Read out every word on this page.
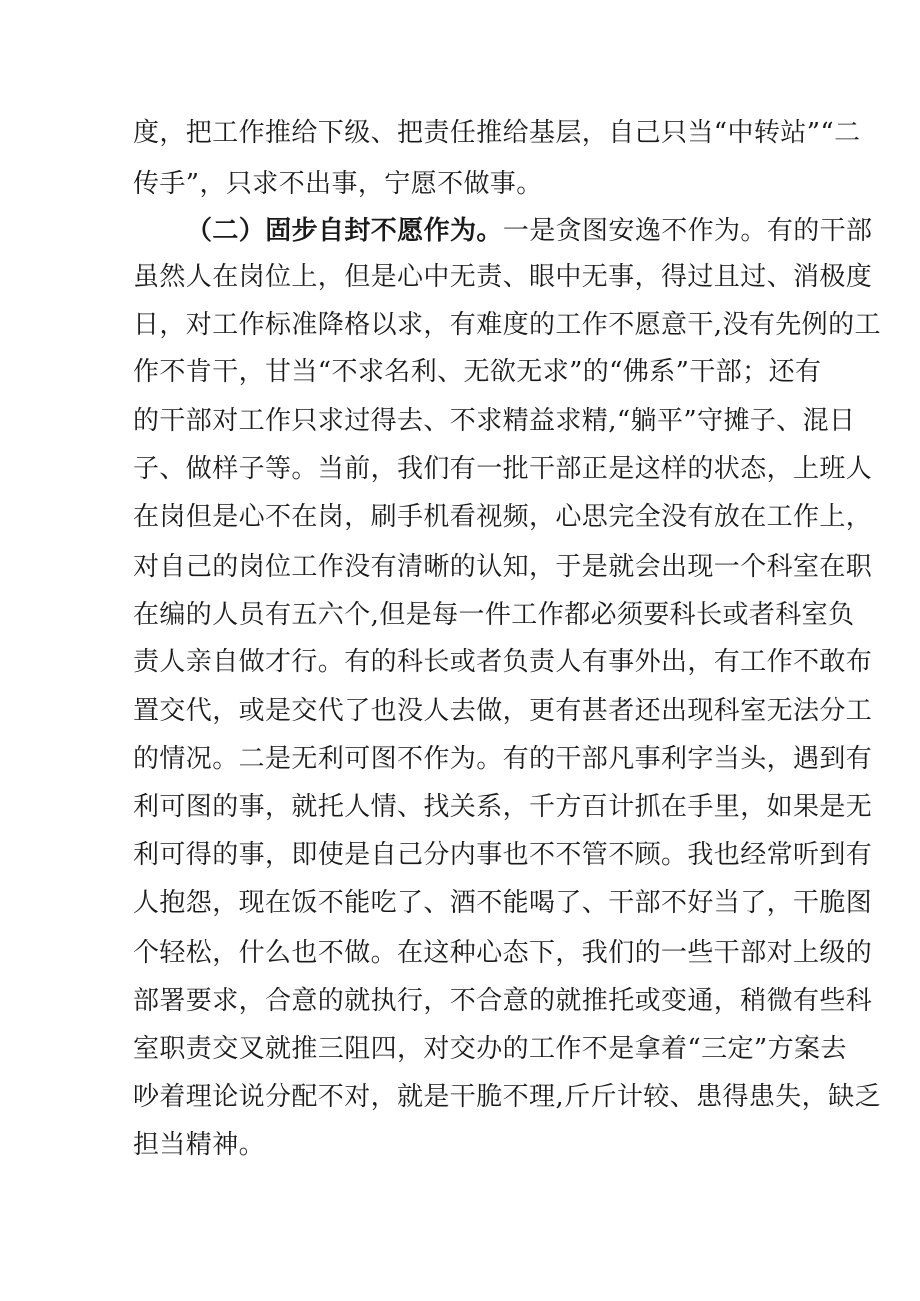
度，把工作推给下级、把责任推给基层，自己只当“中转站”“二
传手”，只求不出事，宁愿不做事。
（二）固步自封不愿作为。一是贪图安逸不作为。有的干部
虽然人在岗位上，但是心中无责、眼中无事，得过且过、消极度
日，对工作标准降格以求，有难度的工作不愿意干,没有先例的工
作不肯干，甘当“不求名利、无欲无求”的“佛系”干部；还有
的干部对工作只求过得去、不求精益求精,“躺平”守摊子、混日
子、做样子等。当前，我们有一批干部正是这样的状态，上班人
在岗但是心不在岗，刷手机看视频，心思完全没有放在工作上，
对自己的岗位工作没有清晰的认知，于是就会出现一个科室在职
在编的人员有五六个,但是每一件工作都必须要科长或者科室负
责人亲自做才行。有的科长或者负责人有事外出，有工作不敢布
置交代，或是交代了也没人去做，更有甚者还出现科室无法分工
的情况。二是无利可图不作为。有的干部凡事利字当头，遇到有
利可图的事，就托人情、找关系，千方百计抓在手里，如果是无
利可得的事，即使是自己分内事也不不管不顾。我也经常听到有
人抱怨，现在饭不能吃了、酒不能喝了、干部不好当了，干脆图
个轻松，什么也不做。在这种心态下，我们的一些干部对上级的
部署要求，合意的就执行，不合意的就推托或变通，稍微有些科
室职责交叉就推三阻四，对交办的工作不是拿着“三定”方案去
吵着理论说分配不对，就是干脆不理,斤斤计较、患得患失，缺乏
担当精神。
